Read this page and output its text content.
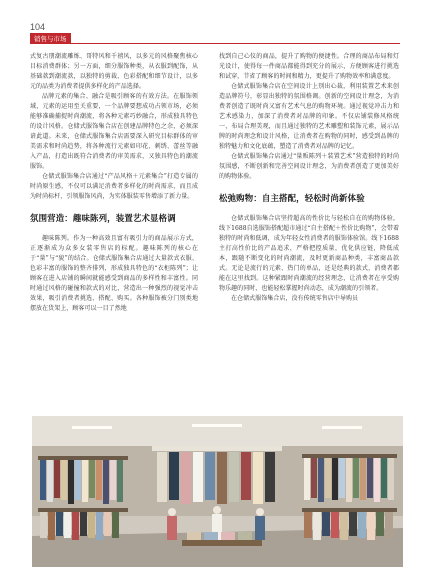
104
销售与市场

式复古朋潮流雕炼、哥特风和千禧风，以多元的风格聚焦核心目标消费群体；另一方面，细分服饰种类，从衣服到配饰，从基础款到潮流款，以独特的剪裁、色彩搭配和细节设计，以多元的品类为消费者提供多样化的产品选择。

品牌元素的集合、融合是吸引顾客的有效方法。在服饰领域，元素的运用至关重要，一个品牌要想成功占领市场，必须能够准确捕捉时尚潮流，将各种元素巧妙融合，形成独具特色的设计风格。仓储式服饰集合店在创建品牌特色之余，必须深谙此道。未来，仓储式服饰集合店需要深入研究目标群体的审美需求和时尚趋势，将各种流行元素如印花、刺绣、蕾丝等融入产品，打造出既符合消费者的审美需求，又独具特色的潮流服饰。

仓储式服饰集合店通过“产品风格＋元素集合”打造专属的时尚原生感，不仅可以满足消费者多样化的时尚需求，而且成为时尚标杆，引领服饰风尚，为实体服装零售增添了新力量。

氛围营造：趣味陈列，装置艺术显格调

趣味陈列。作为一种高效且富有吸引力的商品展示方式，正逐渐成为众多女装零售店的标配。趣味陈列的核心在于“量”与“貌”的结合。仓储式服饰集合店通过大量款式衣服、色彩丰富的服饰的整齐排列，形成独具特色的“衣柜陈列”；让顾客在进入店铺的瞬间就能感受到商品的多样性和丰富性。同时通过风格的碰撞和款式的对比，营造出一种强烈的视觉冲击效果，吸引消费者挑选、搭配、购买。各种服饰被分门别类地摆放在货架上，顾客可以一目了然地

找到自己心仪的商品，提升了购物的便捷性。合理的商品布局和灯光设计，使得每一件商品都能得到充分的展示，方便顾客进行挑选和试穿，节省了顾客的时间和精力，更提升了购物效率和满意度。

仓储式服饰集合店在空间设计上别出心裁，利用装置艺术来创造品牌符号，彰显出独特的氛围格调。创新的空间设计理念，为消费者创造了既时尚又富有艺术气息的购物环境。通过视觉冲击力和艺术感染力，加深了消费者对品牌的印象。不仅店铺装修风格统一，布局合理美观，而且通过独特的艺术雕塑和装饰元素，展示品牌的时尚理念和设计风格，让消费者在购物的同时，感受到品牌的独特魅力和文化底蕴，塑造了消费者对品牌的记忆。

仓储式服饰集合店通过“量贩陈列＋装置艺术”营造独特的时尚氛围感，不断创新和完善空间设计理念，为消费者创造了更加美好的购物体验。

松弛购物：自主搭配，轻松时尚新体验

仓储式服饰集合店坚持超高的性价比与轻松自在的购物体验，线下1688自选服饰搭配超市通过“自主搭配＋性价比购物”，会带着独特的时尚和低调，成为年轻女性消费者的服饰体验馆。线下1688主打高性价比的产品追求，严格把控质量，优化供应链，降低成本，跟随不断变化的时尚潮流，及时更新商品种类，丰富商品款式。无论是流行的元素、热门的单品，还是经典的款式，消费者都能在这里找到。这种紧跟时尚潮流的经营理念，让消费者在享受购物乐趣的同时，也能轻松掌握时尚动态，成为潮流的引领者。

在仓储式服饰集合店，没有传统零售店中导购员
